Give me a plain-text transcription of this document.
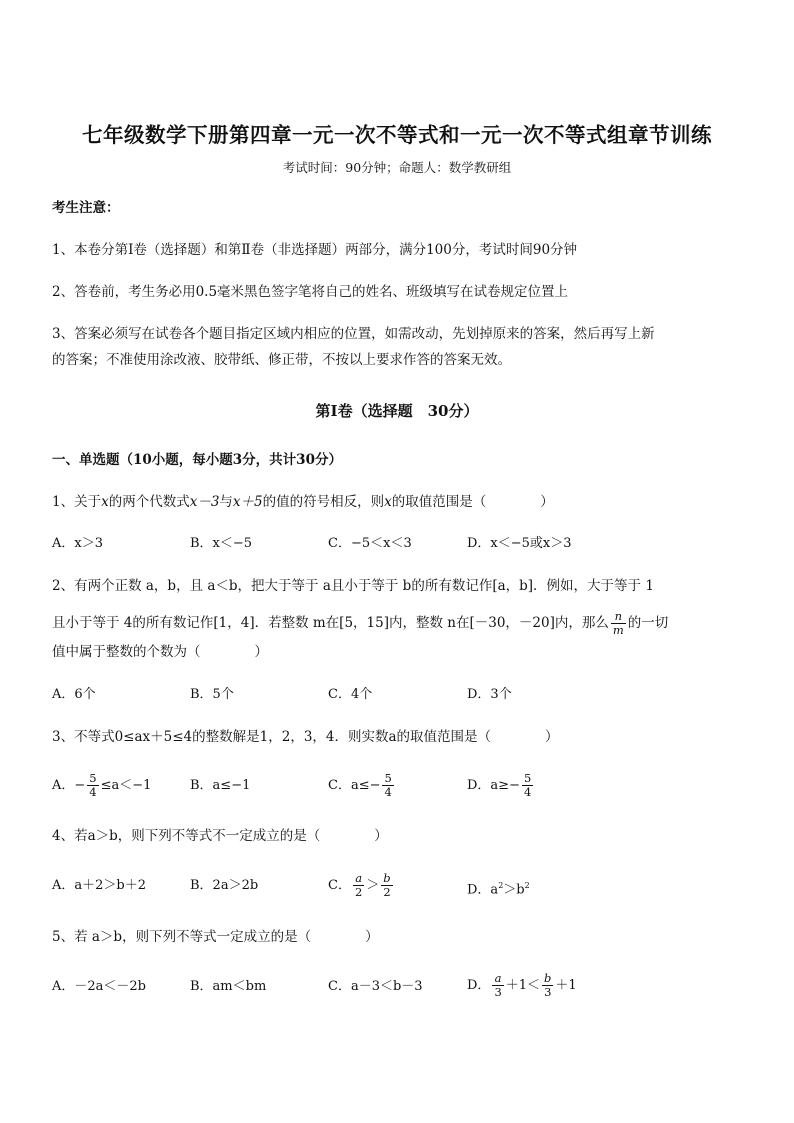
七年级数学下册第四章一元一次不等式和一元一次不等式组章节训练
考试时间：90分钟；命题人：数学教研组
考生注意：
1、本卷分第Ⅰ卷（选择题）和第Ⅱ卷（非选择题）两部分，满分100分，考试时间90分钟
2、答卷前，考生务必用0.5毫米黑色签字笔将自己的姓名、班级填写在试卷规定位置上
3、答案必须写在试卷各个题目指定区域内相应的位置，如需改动，先划掉原来的答案，然后再写上新
的答案；不准使用涂改液、胶带纸、修正带，不按以上要求作答的答案无效。
第Ⅰ卷（选择题　30分）
一、单选题（10小题，每小题3分，共计30分）
1、关于x的两个代数式x－3与x＋5的值的符号相反，则x的取值范围是（　　　　）
A．x＞3	B．x＜−5	C．−5＜x＜3	D．x＜−5或x＞3
2、有两个正数 a，b，且 a＜b，把大于等于 a且小于等于 b的所有数记作[a，b]．例如，大于等于 1
且小于等于 4的所有数记作[1，4]．若整数 m在[5，15]内，整数 n在[－30，－20]内，那么 $\frac{n}{m}$ 的一切
值中属于整数的个数为（　　　　）
A．6个	B．5个	C．4个	D．3个
3、不等式0≤ax＋5≤4的整数解是1，2，3，4．则实数a的取值范围是（　　　　）
A．− $\frac{5}{4} \le a<-1$	B．a≤−1	C．$a\le- \frac{5}{4}$	D．$a\ge- \frac{5}{4}$
4、若a＞b，则下列不等式不一定成立的是（　　　　）
A．a＋2＞b＋2	B．2a＞2b	C． $\frac{a}{2} > \frac{b}{2}$	D．$a^2>b^2$
5、若 a＞b，则下列不等式一定成立的是（　　　　）
A．－2a＜－2b	B．am＜bm	C．a－3＜b－3	D． $\frac{a}{3} +1< \frac{b}{3} +1$
